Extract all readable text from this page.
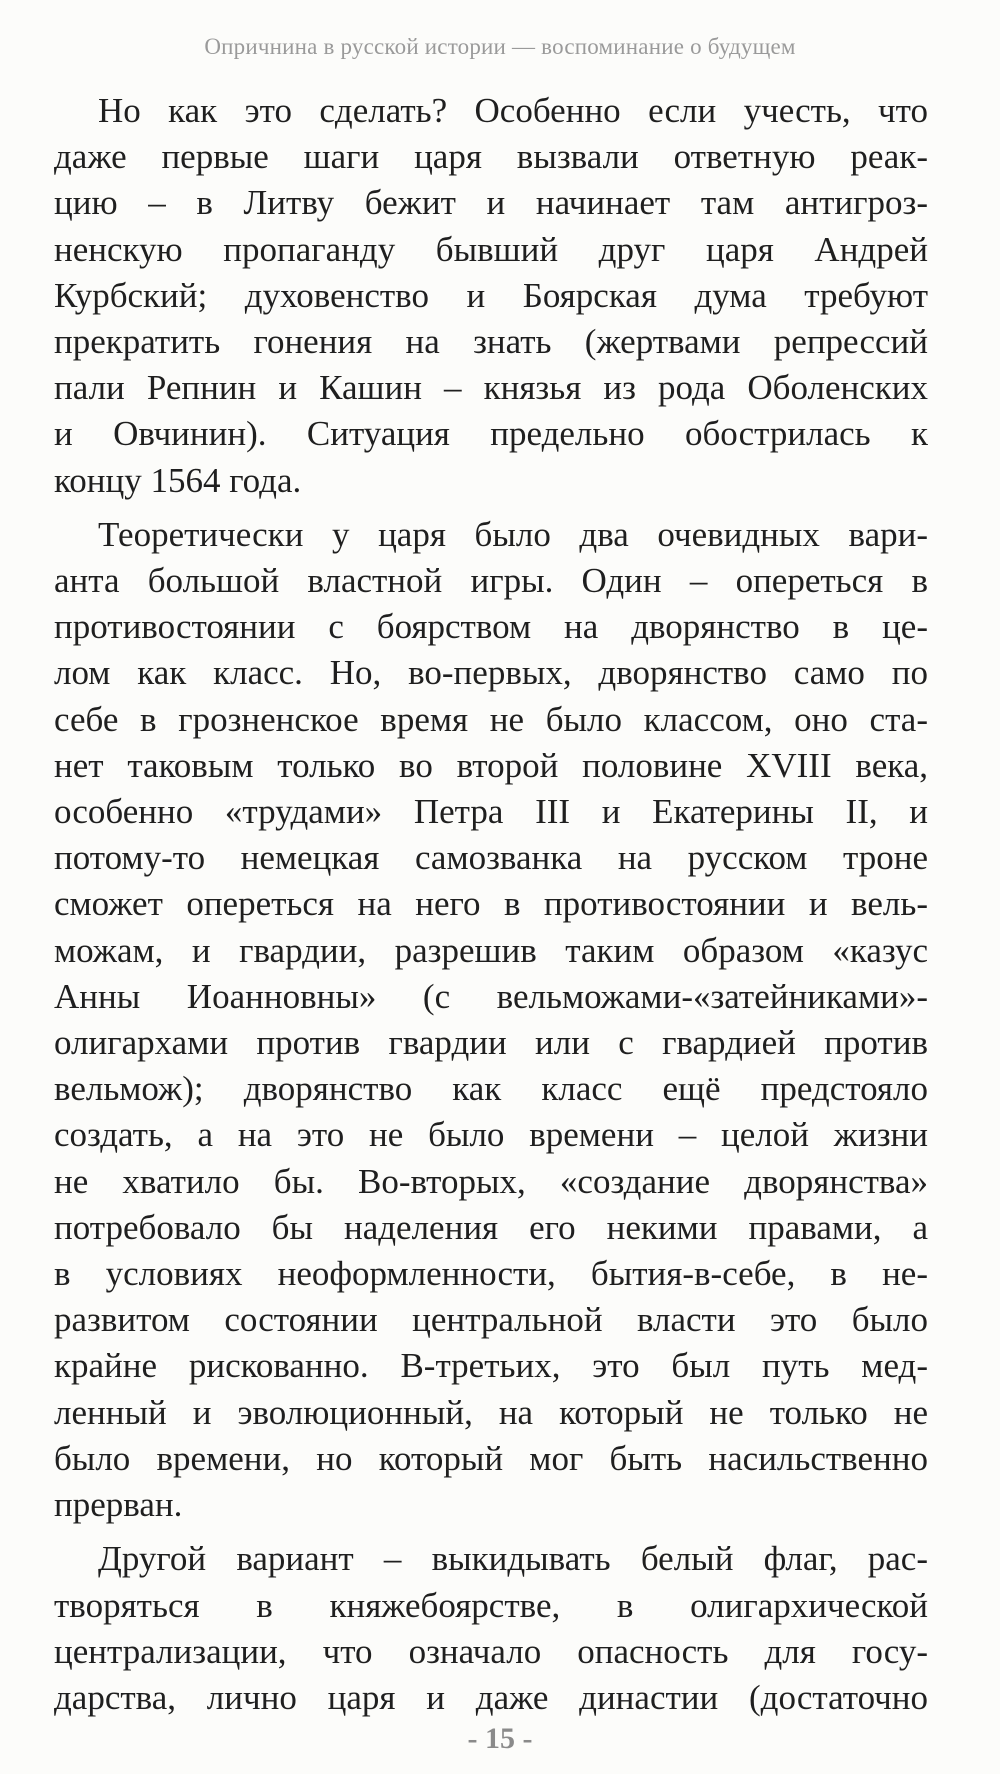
Опричнина в русской истории — воспоминание о будущем

Но как это сделать? Особенно если учесть, что
даже первые шаги царя вызвали ответную реак-
цию – в Литву бежит и начинает там антигроз-
ненскую пропаганду бывший друг царя Андрей
Курбский; духовенство и Боярская дума требуют
прекратить гонения на знать (жертвами репрессий
пали Репнин и Кашин – князья из рода Оболенских
и Овчинин). Ситуация предельно обострилась к
концу 1564 года.

Теоретически у царя было два очевидных вари-
анта большой властной игры. Один – опереться в
противостоянии с боярством на дворянство в це-
лом как класс. Но, во-первых, дворянство само по
себе в грозненское время не было классом, оно ста-
нет таковым только во второй половине XVIII века,
особенно «трудами» Петра III и Екатерины II, и
потому-то немецкая самозванка на русском троне
сможет опереться на него в противостоянии и вель-
можам, и гвардии, разрешив таким образом «казус
Анны Иоанновны» (с вельможами-«затейниками»-
олигархами против гвардии или с гвардией против
вельмож); дворянство как класс ещё предстояло
создать, а на это не было времени – целой жизни
не хватило бы. Во-вторых, «создание дворянства»
потребовало бы наделения его некими правами, а
в условиях неоформленности, бытия-в-себе, в не-
развитом состоянии центральной власти это было
крайне рискованно. В-третьих, это был путь мед-
ленный и эволюционный, на который не только не
было времени, но который мог быть насильственно
прерван.

Другой вариант – выкидывать белый флаг, рас-
творяться в княжебоярстве, в олигархической
централизации, что означало опасность для госу-
дарства, лично царя и даже династии (достаточно

- 15 -
